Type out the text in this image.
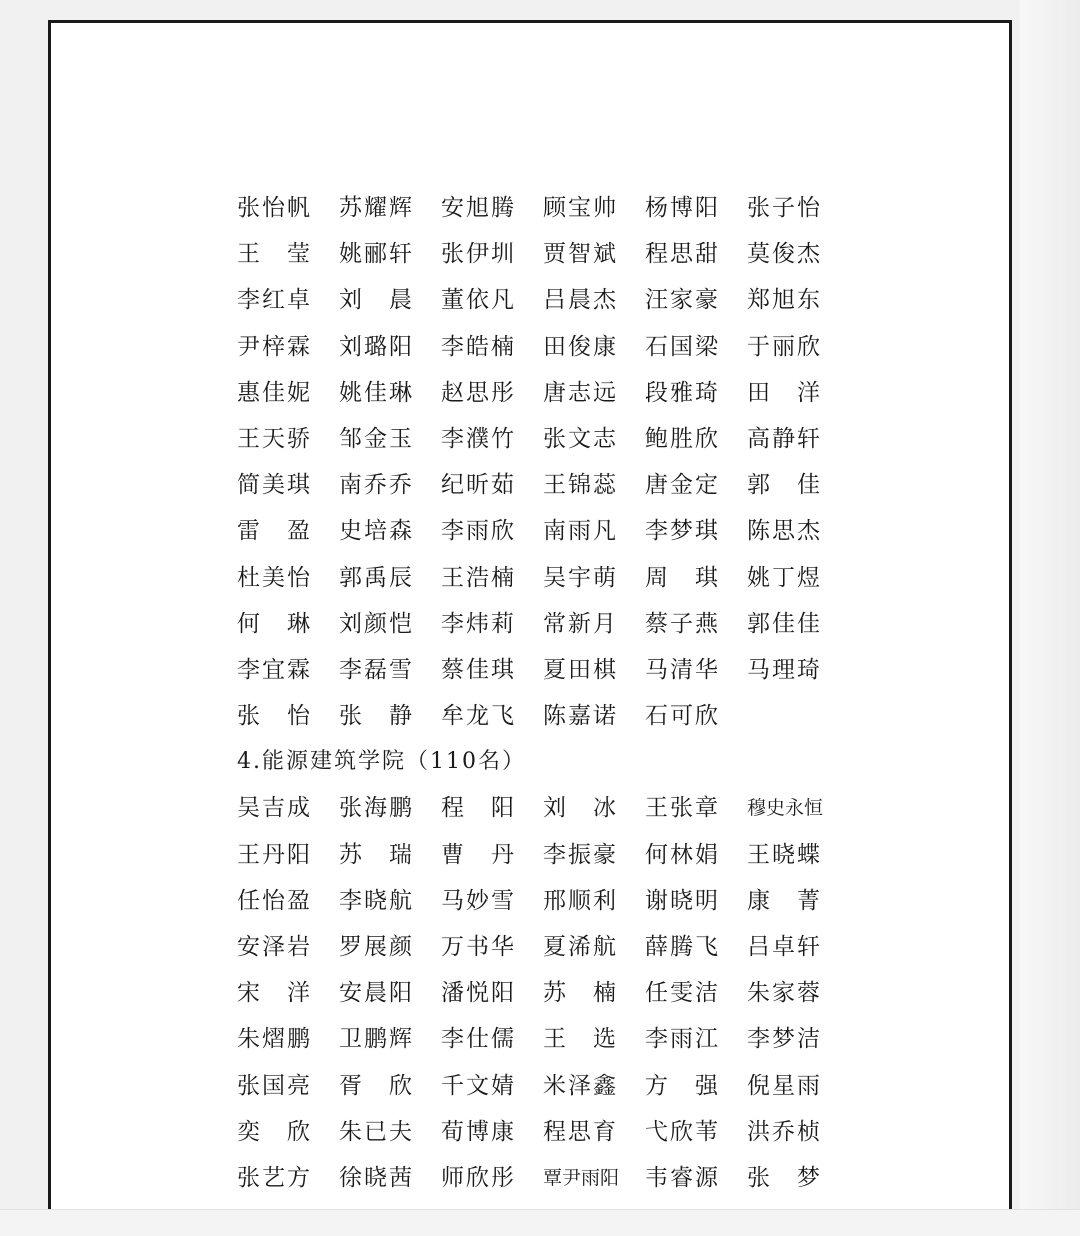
张怡帆 苏耀辉 安旭腾 顾宝帅 杨博阳 张子怡
王　莹 姚郦轩 张伊圳 贾智斌 程思甜 莫俊杰
李红卓 刘　晨 董依凡 吕晨杰 汪家豪 郑旭东
尹梓霖 刘璐阳 李皓楠 田俊康 石国梁 于丽欣
惠佳妮 姚佳琳 赵思彤 唐志远 段雅琦 田　洋
王天骄 邹金玉 李濮竹 张文志 鲍胜欣 高静轩
简美琪 南乔乔 纪昕茹 王锦蕊 唐金定 郭　佳
雷　盈 史培森 李雨欣 南雨凡 李梦琪 陈思杰
杜美怡 郭禹辰 王浩楠 吴宇萌 周　琪 姚丁煜
何　琳 刘颜恺 李炜莉 常新月 蔡子燕 郭佳佳
李宜霖 李磊雪 蔡佳琪 夏田棋 马清华 马理琦
张　怡 张　静 牟龙飞 陈嘉诺 石可欣
4.能源建筑学院（110名）
吴吉成 张海鹏 程　阳 刘　冰 王张章 穆史永恒
王丹阳 苏　瑞 曹　丹 李振豪 何林娟 王晓蝶
任怡盈 李晓航 马妙雪 邢顺利 谢晓明 康　菁
安泽岩 罗展颜 万书华 夏浠航 薛腾飞 吕卓轩
宋　洋 安晨阳 潘悦阳 苏　楠 任雯洁 朱家蓉
朱熠鹏 卫鹏辉 李仕儒 王　选 李雨江 李梦洁
张国亮 胥　欣 千文婧 米泽鑫 方　强 倪星雨
奕　欣 朱已夫 荀博康 程思育 弋欣苇 洪乔桢
张艺方 徐晓茜 师欣彤 覃尹雨阳 韦睿源 张　梦
